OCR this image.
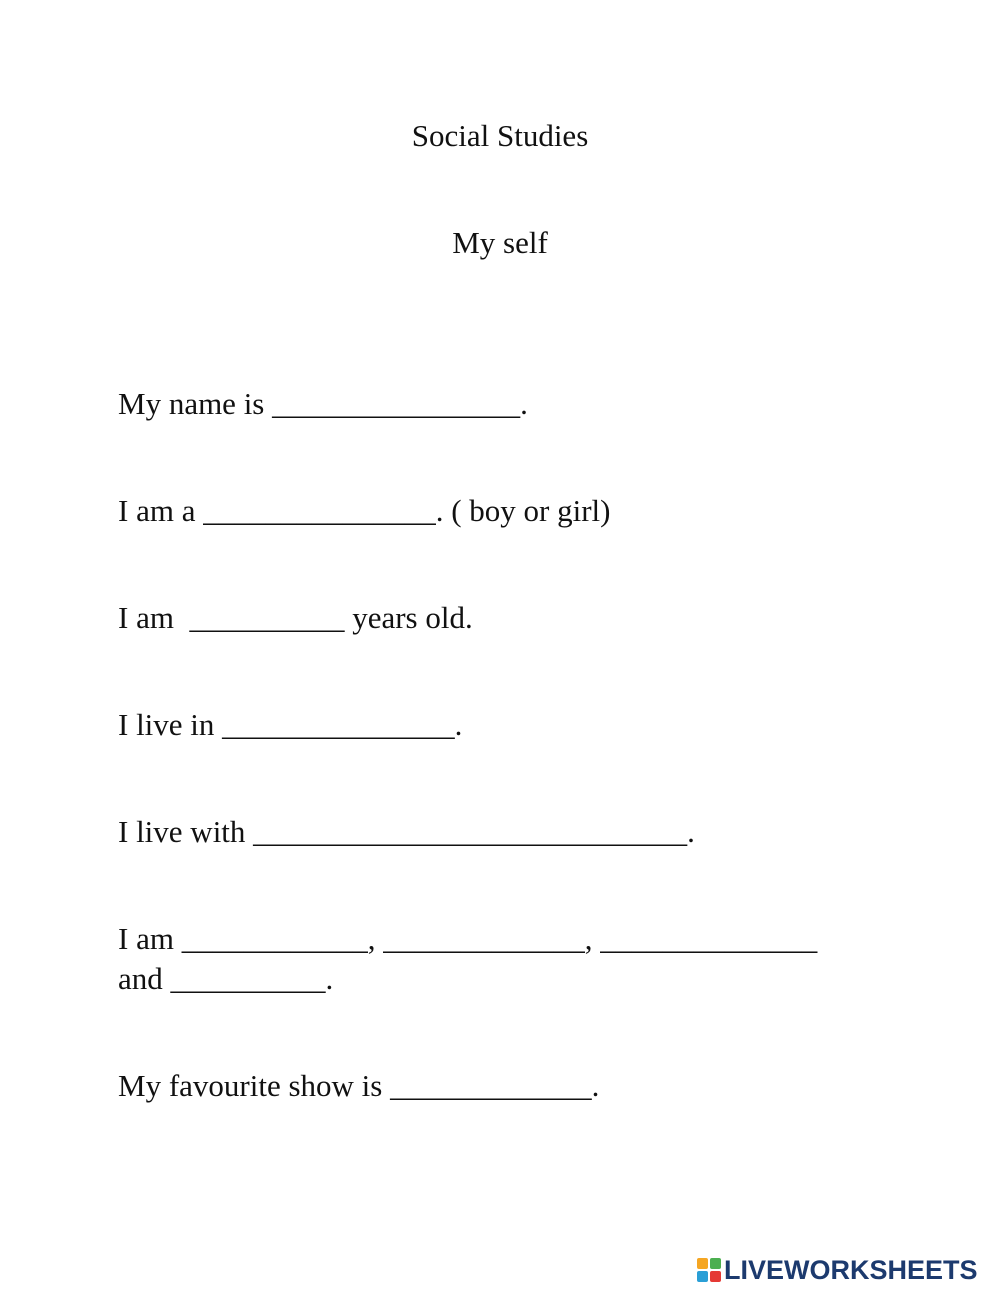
Social Studies
My self
My name is ________________.
I am a _______________. ( boy or girl)
I am  __________ years old.
I live in _______________.
I live with ____________________________.
I am ____________, _____________, ______________
and __________.
My favourite show is _____________.
LIVEWORKSHEETS
